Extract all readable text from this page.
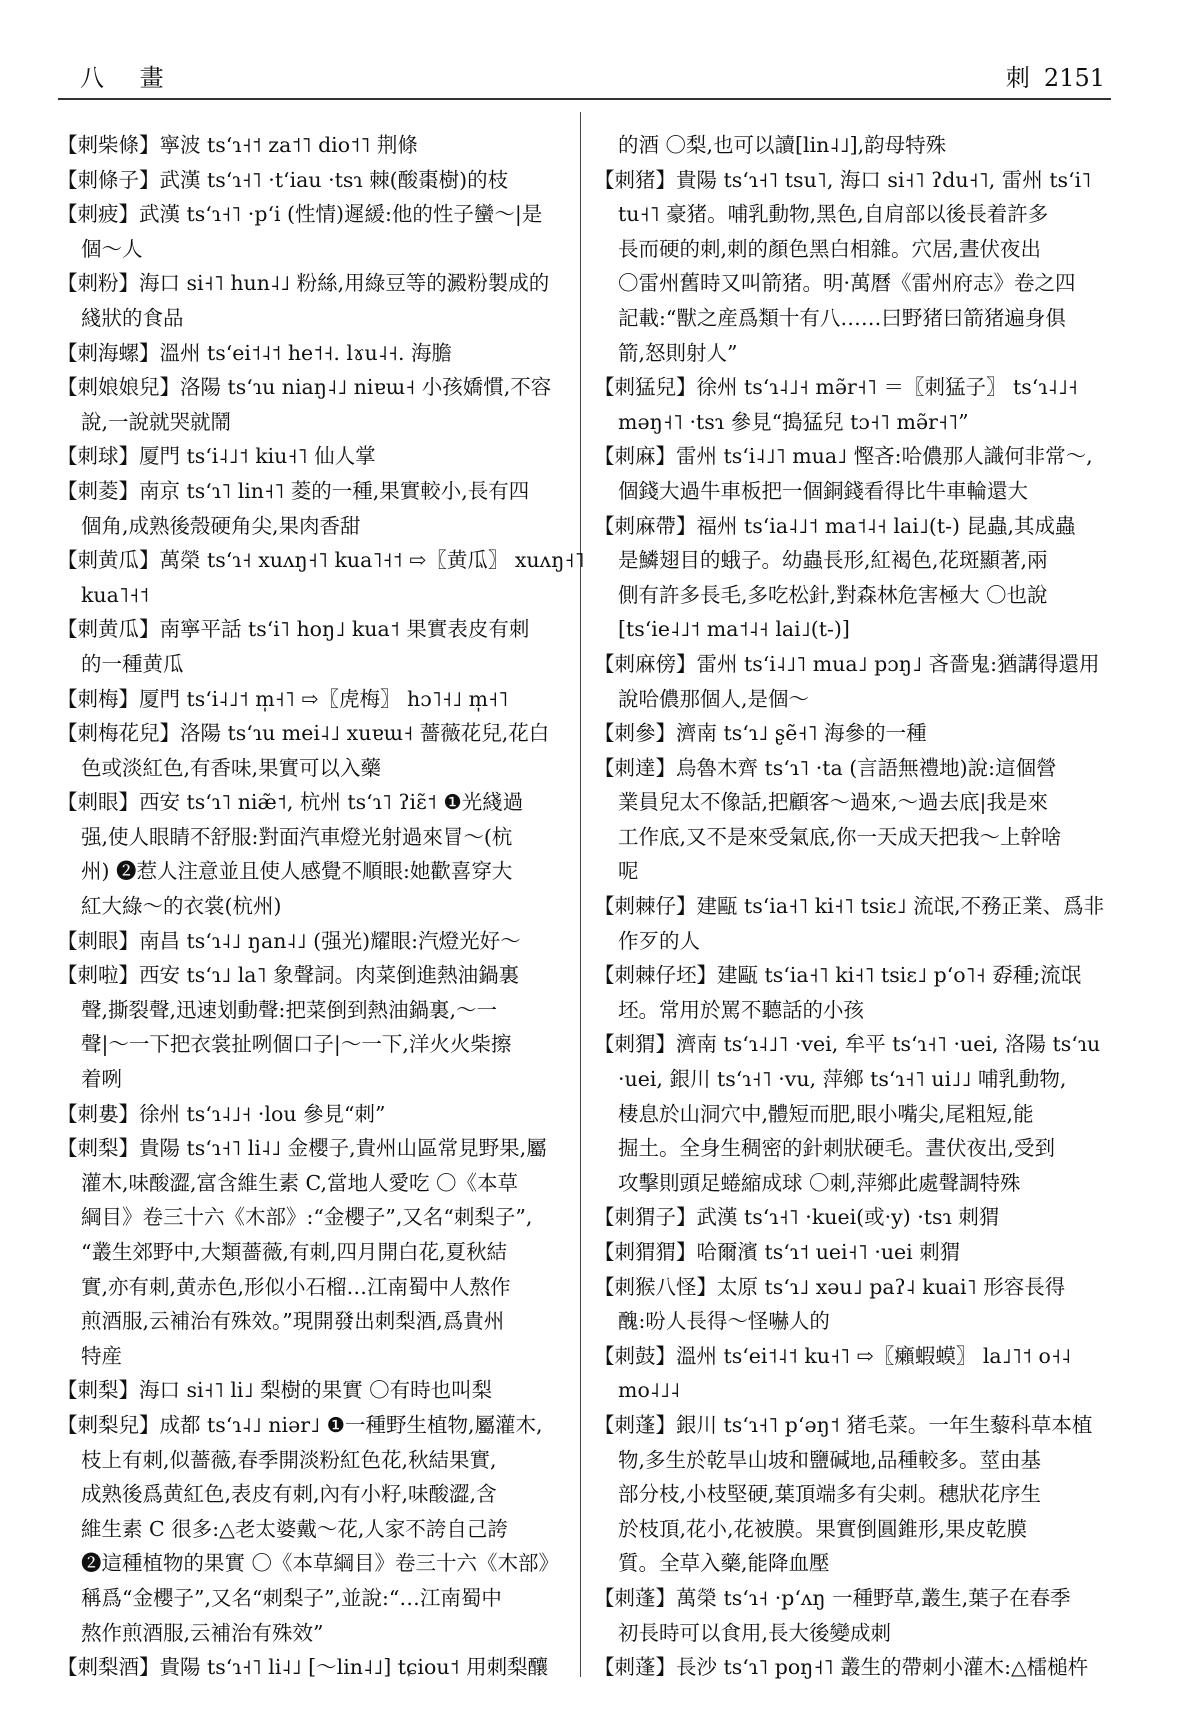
八 畫	刺 2151
【刺柴條】寧波 tsʻɿ˧˦ za˦˥ dio˦˥ 荆條
【刺條子】武漢 tsʻɿ˧˥ ·tʻiau ·tsɿ 棘(酸棗樹)的枝
【刺疲】武漢 tsʻɿ˧˥ ·pʻi (性情)遲緩:他的性子蠻～|是
個～人
【刺粉】海口 si˧˥ hun˨˩ 粉絲,用綠豆等的澱粉製成的
綫狀的食品
【刺海螺】溫州 tsʻei˦˨˦ he˦˧. lɤu˨˧. 海膽
【刺娘娘兒】洛陽 tsʻɿu niaŋ˨˩ niɐɯ˧ 小孩嬌慣,不容
說,一說就哭就鬧
【刺球】厦門 tsʻi˨˩˦ kiu˧˥ 仙人掌
【刺菱】南京 tsʻɿ˥ lin˧˥ 菱的一種,果實較小,長有四
個角,成熟後殼硬角尖,果肉香甜
【刺黄瓜】萬榮 tsʻɿ˧ xuʌŋ˧˥ kua˥˧˦ ⇨〖黄瓜〗 xuʌŋ˧˥
kua˥˧˦
【刺黄瓜】南寧平話 tsʻi˥ hoŋ˩ kua˦ 果實表皮有刺
的一種黄瓜
【刺梅】厦門 tsʻi˨˩˦ m̩˧˥ ⇨〖虎梅〗 hɔ˥˧˩ m̩˧˥
【刺梅花兒】洛陽 tsʻɿu mei˨˩ xuɐɯ˧ 薔薇花兒,花白
色或淡紅色,有香味,果實可以入藥
【刺眼】西安 tsʻɿ˥ niæ̃˦, 杭州 tsʻɿ˥ ʔiɛ̃˦ ❶光綫過
强,使人眼睛不舒服:對面汽車燈光射過來冒～(杭
州) ❷惹人注意並且使人感覺不順眼:她歡喜穿大
紅大綠～的衣裳(杭州)
【刺眼】南昌 tsʻɿ˨˩ ŋan˨˩ (强光)耀眼:汽燈光好～
【刺啦】西安 tsʻɿ˩ la˥ 象聲詞。肉菜倒進熱油鍋裏
聲,撕裂聲,迅速划動聲:把菜倒到熱油鍋裏,～一
聲|～一下把衣裳扯咧個口子|～一下,洋火火柴擦
着咧
【刺婁】徐州 tsʻɿ˨˩˧ ·lou 參見“刺”
【刺梨】貴陽 tsʻɿ˧˥ li˨˩ 金櫻子,貴州山區常見野果,屬
灌木,味酸澀,富含維生素 C,當地人愛吃 〇《本草
綱目》卷三十六《木部》:“金櫻子”,又名“刺梨子”,
“叢生郊野中,大類薔薇,有刺,四月開白花,夏秋結
實,亦有刺,黄赤色,形似小石榴…江南蜀中人熬作
煎酒服,云補治有殊效。”現開發出刺梨酒,爲貴州
特産
【刺梨】海口 si˧˥ li˩ 梨樹的果實 〇有時也叫梨
【刺梨兒】成都 tsʻɿ˨˩ niər˩ ❶一種野生植物,屬灌木,
枝上有刺,似薔薇,春季開淡粉紅色花,秋結果實,
成熟後爲黄紅色,表皮有刺,內有小籽,味酸澀,含
維生素 C 很多:△老太婆戴～花,人家不誇自己誇
❷這種植物的果實 〇《本草綱目》卷三十六《木部》
稱爲“金櫻子”,又名“刺梨子”,並說:“…江南蜀中
熬作煎酒服,云補治有殊效”
【刺梨酒】貴陽 tsʻɿ˧˥ li˨˩ [～lin˨˩] tɕiou˦ 用刺梨釀
的酒 〇梨,也可以讀[lin˨˩],韵母特殊
【刺猪】貴陽 tsʻɿ˧˥ tsu˥, 海口 si˧˥ ʔdu˧˥, 雷州 tsʻi˥
tu˧˥ 豪猪。哺乳動物,黑色,自肩部以後長着許多
長而硬的刺,刺的顏色黑白相雜。穴居,晝伏夜出
〇雷州舊時又叫箭猪。明·萬曆《雷州府志》卷之四
記載:“獸之産爲類十有八……曰野猪曰箭猪遍身俱
箭,怒則射人”
【刺猛兒】徐州 tsʻɿ˨˩˧ mə̃r˧˥ ＝〖刺猛子〗 tsʻɿ˨˩˧
məŋ˧˥ ·tsɿ 參見“搗猛兒 tɔ˧˥ mə̃r˧˥”
【刺麻】雷州 tsʻi˨˩˥ mua˩ 慳吝:哈儂那人識何非常～,
個錢大過牛車板把一個銅錢看得比牛車輪還大
【刺麻帶】福州 tsʻia˨˩˦ ma˦˨˧ lai˩(t-) 昆蟲,其成蟲
是鱗翅目的蛾子。幼蟲長形,紅褐色,花斑顯著,兩
側有許多長毛,多吃松針,對森林危害極大 〇也說
[tsʻie˨˩˦ ma˦˨˧ lai˩(t-)]
【刺麻傍】雷州 tsʻi˨˩˥ mua˩ pɔŋ˩ 吝嗇鬼:猶講得還用
說哈儂那個人,是個～
【刺參】濟南 tsʻɿ˩ ʂẽ˧˥ 海參的一種
【刺達】烏魯木齊 tsʻɿ˥ ·ta (言語無禮地)說:這個營
業員兒太不像話,把顧客～過來,～過去底|我是來
工作底,又不是來受氣底,你一天成天把我～上幹啥
呢
【刺棘仔】建甌 tsʻia˧˥ ki˧˥ tsiɛ˩ 流氓,不務正業、爲非
作歹的人
【刺棘仔坯】建甌 tsʻia˧˥ ki˧˥ tsiɛ˩ pʻo˥˧ 孬種;流氓
坯。常用於罵不聽話的小孩
【刺猬】濟南 tsʻɿ˨˩˥ ·vei, 牟平 tsʻɿ˧˥ ·uei, 洛陽 tsʻɿu
·uei, 銀川 tsʻɿ˧˥ ·vu, 萍鄉 tsʻɿ˧˥ ui˩˩ 哺乳動物,
棲息於山洞穴中,體短而肥,眼小嘴尖,尾粗短,能
掘土。全身生稠密的針刺狀硬毛。晝伏夜出,受到
攻擊則頭足蜷縮成球 〇刺,萍鄉此處聲調特殊
【刺猬子】武漢 tsʻɿ˧˥ ·kuei(或·y) ·tsɿ 刺猬
【刺猬猬】哈爾濱 tsʻɿ˦ uei˧˥ ·uei 刺猬
【刺猴八怪】太原 tsʻɿ˩ xəu˩ paʔ˨ kuai˥ 形容長得
醜:吩人長得～怪嚇人的
【刺鼓】溫州 tsʻei˦˨˦ ku˧˥ ⇨〖癩蝦蟆〗 la˩˥˦ o˧˨
mo˨˩˨
【刺蓬】銀川 tsʻɿ˧˥ pʻəŋ˦ 猪毛菜。一年生藜科草本植
物,多生於乾旱山坡和鹽碱地,品種較多。莖由基
部分枝,小枝堅硬,葉頂端多有尖刺。穗狀花序生
於枝頂,花小,花被膜。果實倒圓錐形,果皮乾膜
質。全草入藥,能降血壓
【刺蓬】萬榮 tsʻɿ˧ ·pʻʌŋ 一種野草,叢生,葉子在春季
初長時可以食用,長大後變成刺
【刺蓬】長沙 tsʻɿ˥ poŋ˧˥ 叢生的帶刺小灌木:△檑槌杵
